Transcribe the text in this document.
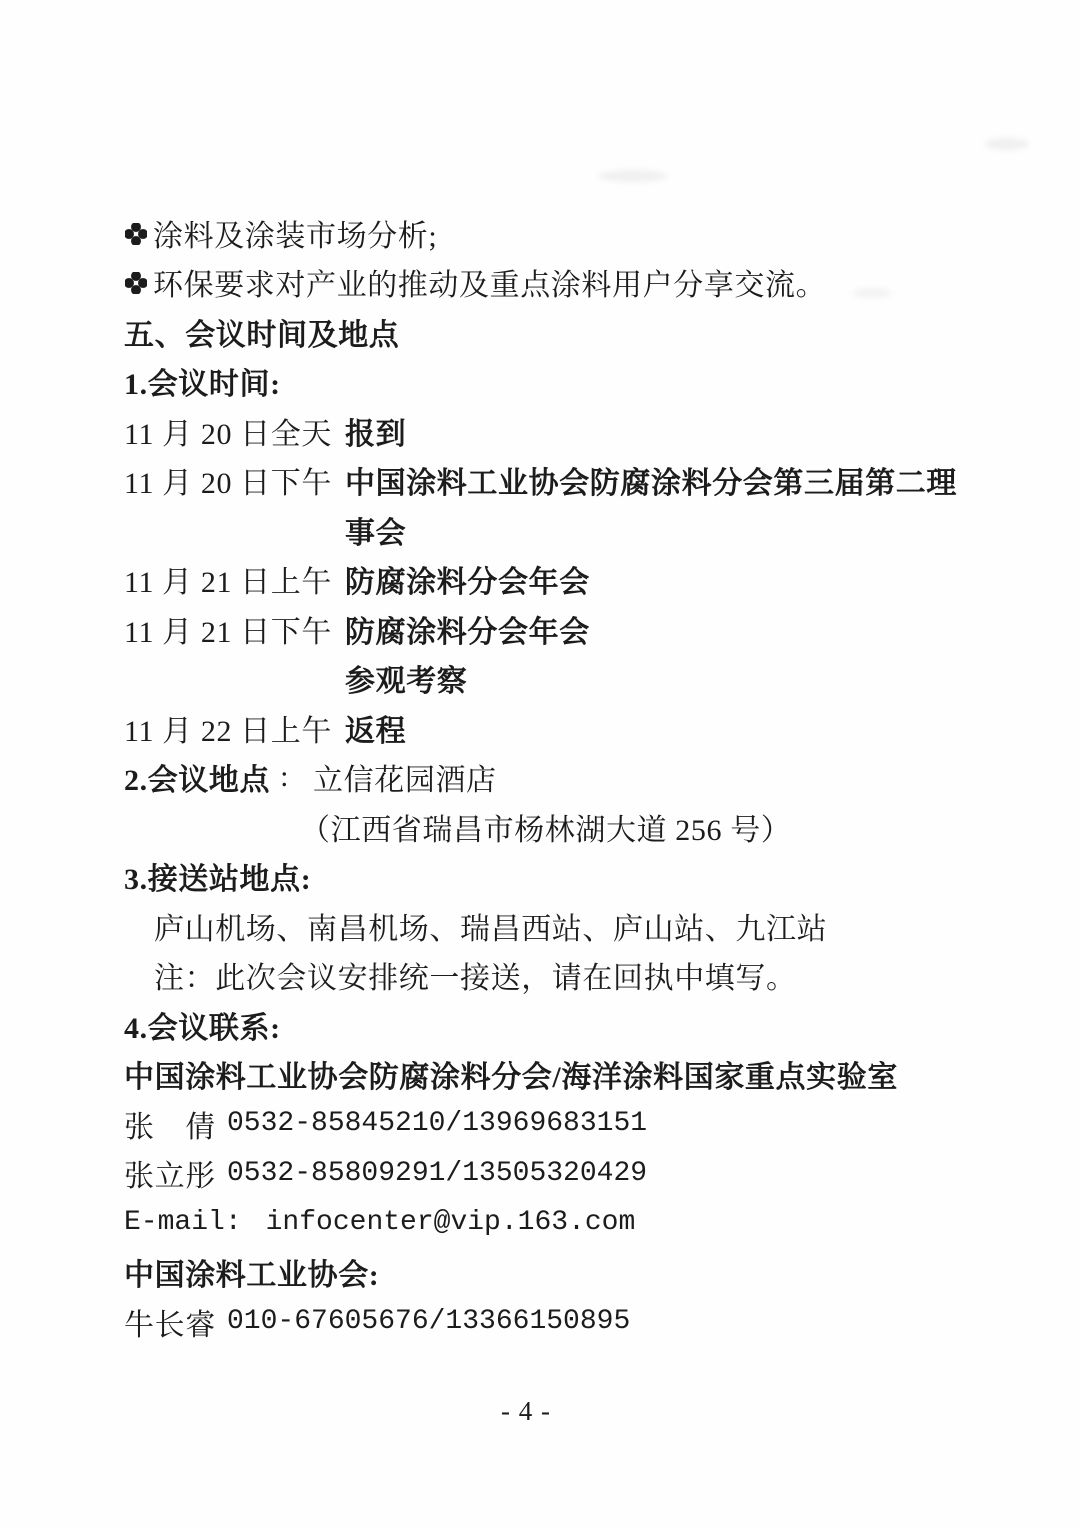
涂料及涂装市场分析;
环保要求对产业的推动及重点涂料用户分享交流。
五、会议时间及地点
1.会议时间:
11 月 20 日全天 报到
11 月 20 日下午 中国涂料工业协会防腐涂料分会第三届第二理
事会
11 月 21 日上午 防腐涂料分会年会
11 月 21 日下午 防腐涂料分会年会
参观考察
11 月 22 日上午 返程
2.会议地点 : 立信花园酒店
（江西省瑞昌市杨林湖大道 256 号）
3.接送站地点:
庐山机场、南昌机场、瑞昌西站、庐山站、九江站
注：此次会议安排统一接送，请在回执中填写。
4.会议联系:
中国涂料工业协会防腐涂料分会/海洋涂料国家重点实验室
张　倩 0532-85845210/13969683151
张立彤 0532-85809291/13505320429
E-mail: infocenter@vip.163.com
中国涂料工业协会:
牛长睿 010-67605676/13366150895
- 4 -
